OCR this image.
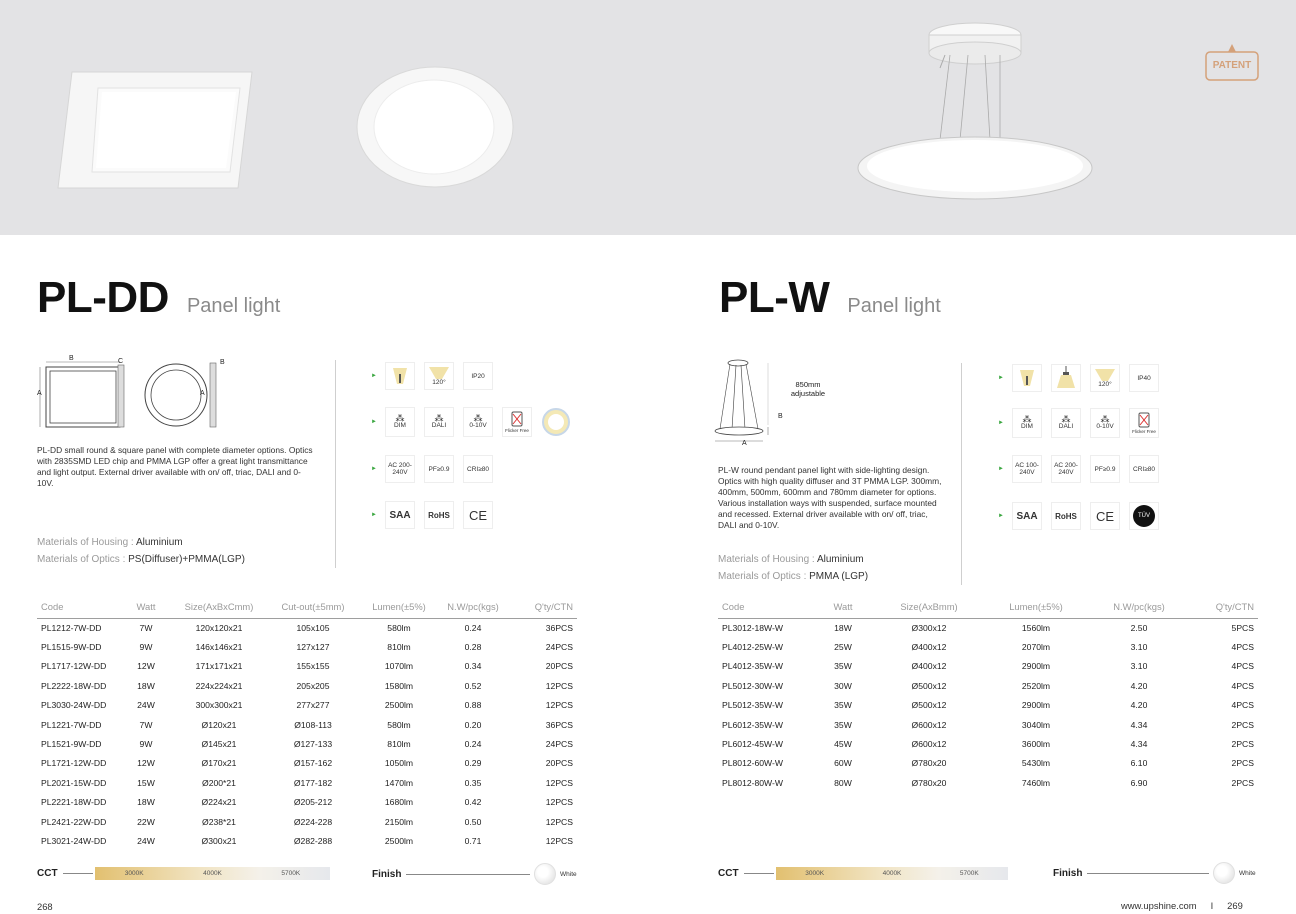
PATENT
PL-DD Panel light
B	C
A
B
A

PL-DD small round & square panel with complete diameter options. Optics with 2835SMD LED chip and PMMA LGP offer a great light transmittance and light output. External driver available with on/ off, triac, DALI and 0-10V.

Materials of Housing : Aluminium
Materials of Optics : PS(Diffuser)+PMMA(LGP)
►
120°
IP20
►	⁂
DIM
⁂
DALI
⁂
0-10V
Flicker Free
►	AC 200-240V	PF≥0.9	CRI≥80
►	SAA RoHS CE
Code	Watt	Size(AxBxCmm)	Cut-out(±5mm)	Lumen(±5%)	N.W/pc(kgs)	Q'ty/CTN
PL1212-7W-DD	7W	120x120x21	105x105	580lm	0.24	36PCS
PL1515-9W-DD	9W	146x146x21	127x127	810lm	0.28	24PCS
PL1717-12W-DD	12W	171x171x21	155x155	1070lm	0.34	20PCS
PL2222-18W-DD	18W	224x224x21	205x205	1580lm	0.52	12PCS
PL3030-24W-DD	24W	300x300x21	277x277	2500lm	0.88	12PCS
PL1221-7W-DD	7W	Ø120x21	Ø108-113	580lm	0.20	36PCS
PL1521-9W-DD	9W	Ø145x21	Ø127-133	810lm	0.24	24PCS
PL1721-12W-DD	12W	Ø170x21	Ø157-162	1050lm	0.29	20PCS
PL2021-15W-DD	15W	Ø200*21	Ø177-182	1470lm	0.35	12PCS
PL2221-18W-DD	18W	Ø224x21	Ø205-212	1680lm	0.42	12PCS
PL2421-22W-DD	22W	Ø238*21	Ø224-228	2150lm	0.50	12PCS
PL3021-24W-DD	24W	Ø300x21	Ø282-288	2500lm	0.71	12PCS
CCT	3000K	4000K	5700K	Finish	White
268
PL-W Panel light
850mm adjustable
B
A

PL-W round pendant panel light with side-lighting design. Optics with high quality diffuser and 3T PMMA LGP. 300mm, 400mm, 500mm, 600mm and 780mm diameter for options. Various installation ways with suspended, surface mounted and recessed. External driver available with on/ off, triac, DALI and 0-10V.

Materials of Housing : Aluminium
Materials of Optics : PMMA (LGP)
►
120°
IP40
►	⁂
DIM
⁂
DALI
⁂
0-10V
Flicker Free
►	AC 100-240V
AC 200-240V	PF≥0.9	CRI≥80
►	SAA RoHS CE	TÜV
Code	Watt	Size(AxBmm)	Lumen(±5%)	N.W/pc(kgs)	Q'ty/CTN
PL3012-18W-W	18W	Ø300x12	1560lm	2.50	5PCS
PL4012-25W-W	25W	Ø400x12	2070lm	3.10	4PCS
PL4012-35W-W	35W	Ø400x12	2900lm	3.10	4PCS
PL5012-30W-W	30W	Ø500x12	2520lm	4.20	4PCS
PL5012-35W-W	35W	Ø500x12	2900lm	4.20	4PCS
PL6012-35W-W	35W	Ø600x12	3040lm	4.34	2PCS
PL6012-45W-W	45W	Ø600x12	3600lm	4.34	2PCS
PL8012-60W-W	60W	Ø780x20	5430lm	6.10	2PCS
PL8012-80W-W	80W	Ø780x20	7460lm	6.90	2PCS
CCT	3000K	4000K	5700K	Finish	White
www.upshine.com I 269
